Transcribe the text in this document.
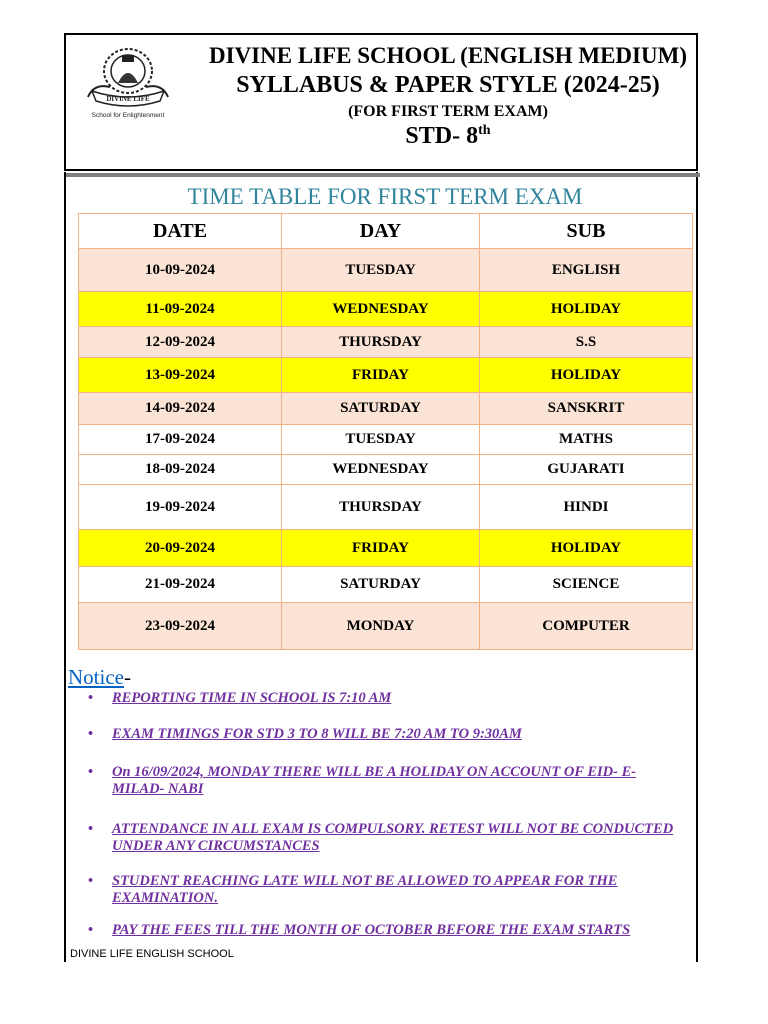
DIVINE LIFE
School for Enlightenment
DIVINE LIFE SCHOOL (ENGLISH MEDIUM)
SYLLABUS & PAPER STYLE (2024-25)
(FOR FIRST TERM EXAM)
STD- 8th
TIME TABLE FOR FIRST TERM EXAM
DATE	DAY	SUB
10-09-2024	TUESDAY	ENGLISH
11-09-2024	WEDNESDAY	HOLIDAY
12-09-2024	THURSDAY	S.S
13-09-2024	FRIDAY	HOLIDAY
14-09-2024	SATURDAY	SANSKRIT
17-09-2024	TUESDAY	MATHS
18-09-2024	WEDNESDAY	GUJARATI
19-09-2024	THURSDAY	HINDI
20-09-2024	FRIDAY	HOLIDAY
21-09-2024	SATURDAY	SCIENCE
23-09-2024	MONDAY	COMPUTER
Notice-
•	REPORTING TIME IN SCHOOL IS 7:10 AM
•	EXAM TIMINGS FOR STD 3 TO 8 WILL BE 7:20 AM TO 9:30AM
•	On 16/09/2024, MONDAY THERE WILL BE A HOLIDAY ON ACCOUNT OF EID- E- MILAD- NABI
•	ATTENDANCE IN ALL EXAM IS COMPULSORY. RETEST WILL NOT BE CONDUCTED UNDER ANY CIRCUMSTANCES
•	STUDENT REACHING LATE WILL NOT BE ALLOWED TO APPEAR FOR THE EXAMINATION.
•	PAY THE FEES TILL THE MONTH OF OCTOBER BEFORE THE EXAM STARTS
DIVINE LIFE ENGLISH SCHOOL
